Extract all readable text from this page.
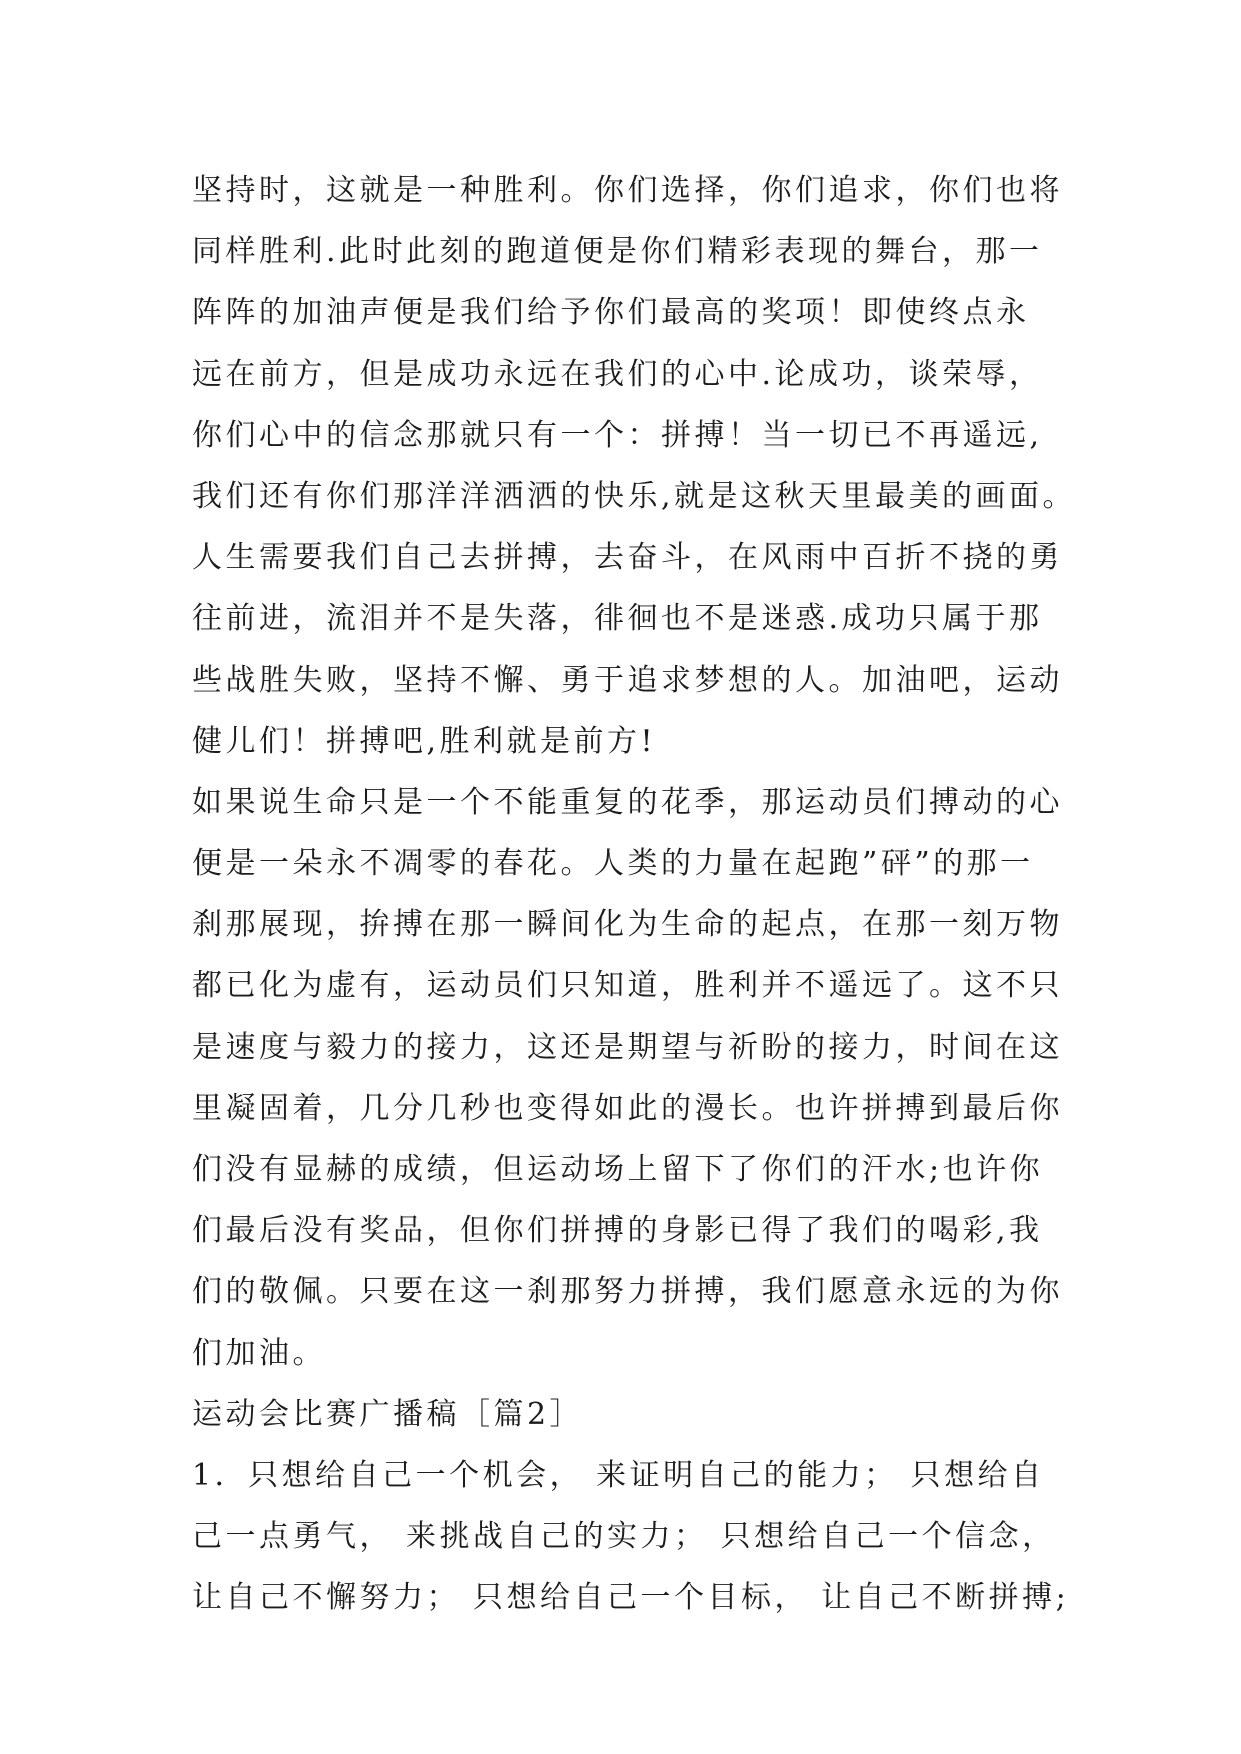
坚持时，这就是一种胜利。你们选择，你们追求，你们也将
同样胜利.此时此刻的跑道便是你们精彩表现的舞台，那一
阵阵的加油声便是我们给予你们最高的奖项！即使终点永
远在前方，但是成功永远在我们的心中.论成功，谈荣辱，
你们心中的信念那就只有一个：拼搏！当一切已不再遥远,
我们还有你们那洋洋洒洒的快乐,就是这秋天里最美的画面。
人生需要我们自己去拼搏，去奋斗，在风雨中百折不挠的勇
往前进，流泪并不是失落，徘徊也不是迷惑.成功只属于那
些战胜失败，坚持不懈、勇于追求梦想的人。加油吧，运动
健儿们！拼搏吧,胜利就是前方!
如果说生命只是一个不能重复的花季，那运动员们搏动的心
便是一朵永不凋零的春花。人类的力量在起跑”砰”的那一
刹那展现，拚搏在那一瞬间化为生命的起点，在那一刻万物
都已化为虚有，运动员们只知道，胜利并不遥远了。这不只
是速度与毅力的接力，这还是期望与祈盼的接力，时间在这
里凝固着，几分几秒也变得如此的漫长。也许拼搏到最后你
们没有显赫的成绩，但运动场上留下了你们的汗水;也许你
们最后没有奖品，但你们拼搏的身影已得了我们的喝彩,我
们的敬佩。只要在这一刹那努力拼搏，我们愿意永远的为你
们加油。
运动会比赛广播稿［篇2］
1．只想给自己一个机会， 来证明自己的能力； 只想给自
己一点勇气， 来挑战自己的实力； 只想给自己一个信念，
让自己不懈努力； 只想给自己一个目标， 让自己不断拼搏;
